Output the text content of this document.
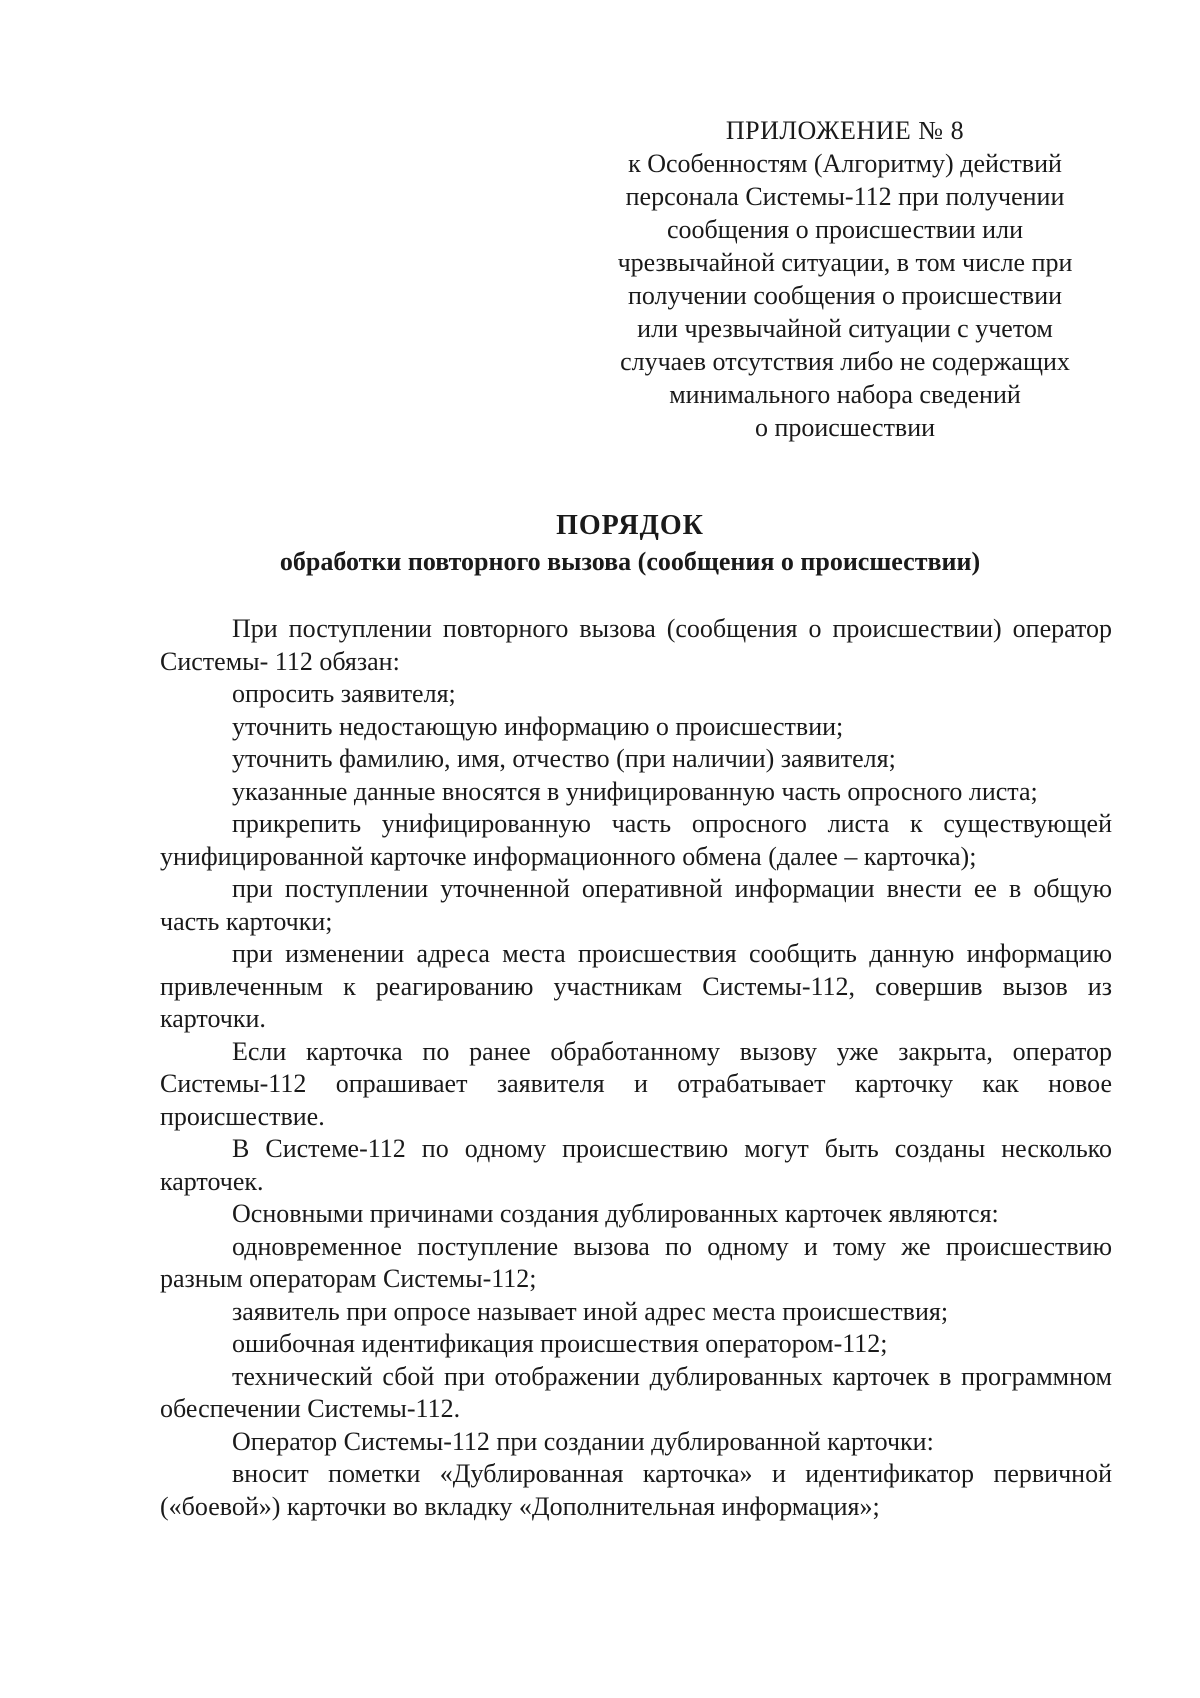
ПРИЛОЖЕНИЕ № 8
к Особенностям (Алгоритму) действий
персонала Системы-112 при получении
сообщения о происшествии или
чрезвычайной ситуации, в том числе при
получении сообщения о происшествии
или чрезвычайной ситуации с учетом
случаев отсутствия либо не содержащих
минимального набора сведений
о происшествии
ПОРЯДОК
обработки повторного вызова (сообщения о происшествии)

При поступлении повторного вызова (сообщения о происшествии) оператор Системы- 112 обязан:

опросить заявителя;

уточнить недостающую информацию о происшествии;

уточнить фамилию, имя, отчество (при наличии) заявителя;

указанные данные вносятся в унифицированную часть опросного листа;

прикрепить унифицированную часть опросного листа к существующей унифицированной карточке информационного обмена (далее – карточка);

при поступлении уточненной оперативной информации внести ее в общую часть карточки;

при изменении адреса места происшествия сообщить данную информацию привлеченным к реагированию участникам Системы-112, совершив вызов из карточки.

Если карточка по ранее обработанному вызову уже закрыта, оператор Системы-112 опрашивает заявителя и отрабатывает карточку как новое происшествие.

В Системе-112 по одному происшествию могут быть созданы несколько карточек.

Основными причинами создания дублированных карточек являются:

одновременное поступление вызова по одному и тому же происшествию разным операторам Системы-112;

заявитель при опросе называет иной адрес места происшествия;

ошибочная идентификация происшествия оператором-112;

технический сбой при отображении дублированных карточек в программном обеспечении Системы-112.

Оператор Системы-112 при создании дублированной карточки:

вносит пометки «Дублированная карточка» и идентификатор первичной («боевой») карточки во вкладку «Дополнительная информация»;
